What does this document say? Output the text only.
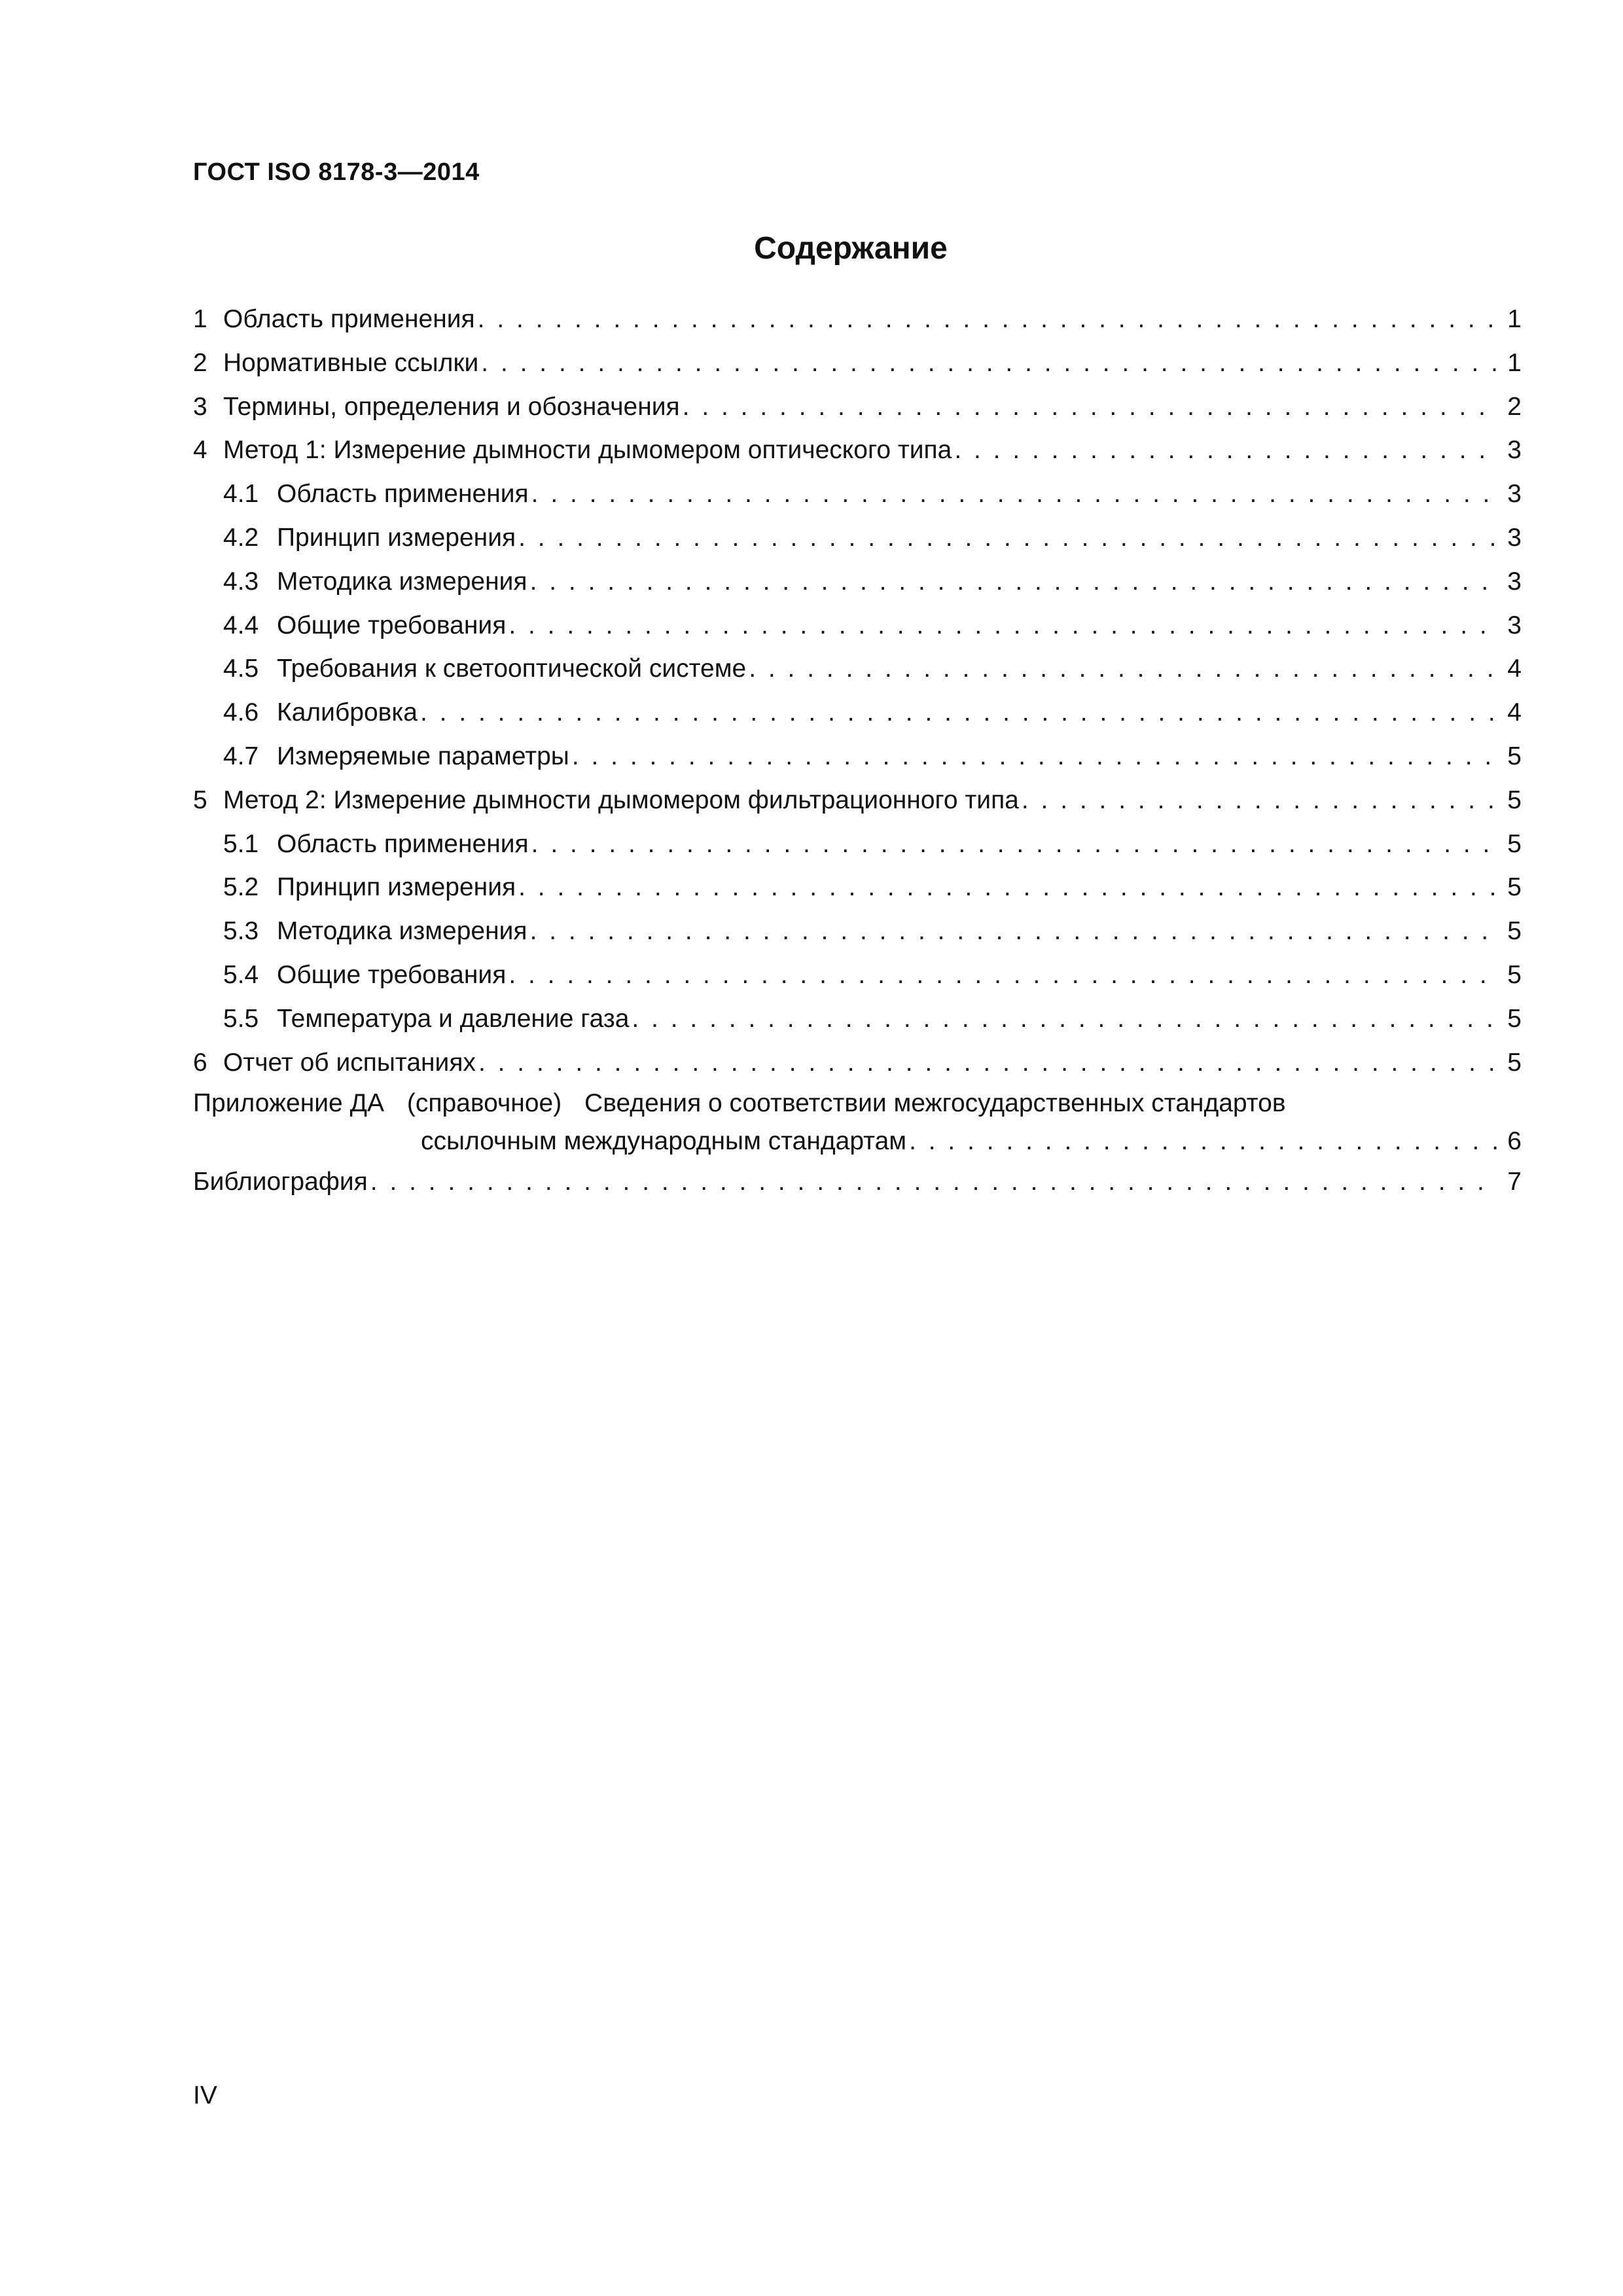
ГОСТ ISO 8178-3—2014
Содержание
1 Область применения . . .	1
2 Нормативные ссылки . . .	1
3 Термины, определения и обозначения . . .	2
4 Метод 1: Измерение дымности дымомером оптического типа . . .	3
4.1 Область применения . . .	3
4.2 Принцип измерения . . .	3
4.3 Методика измерения . . .	3
4.4 Общие требования . . .	3
4.5 Требования к светооптической системе . . .	4
4.6 Калибровка . . .	4
4.7 Измеряемые параметры . . .	5
5 Метод 2: Измерение дымности дымомером фильтрационного типа . . .	5
5.1 Область применения . . .	5
5.2 Принцип измерения . . .	5
5.3 Методика измерения . . .	5
5.4 Общие требования . . .	5
5.5 Температура и давление газа . . .	5
6 Отчет об испытаниях . . .	5
Приложение ДА (справочное) Сведения о соответствии межгосударственных стандартов
ссылочным международным стандартам . . .	6
Библиография . . .	7
IV
